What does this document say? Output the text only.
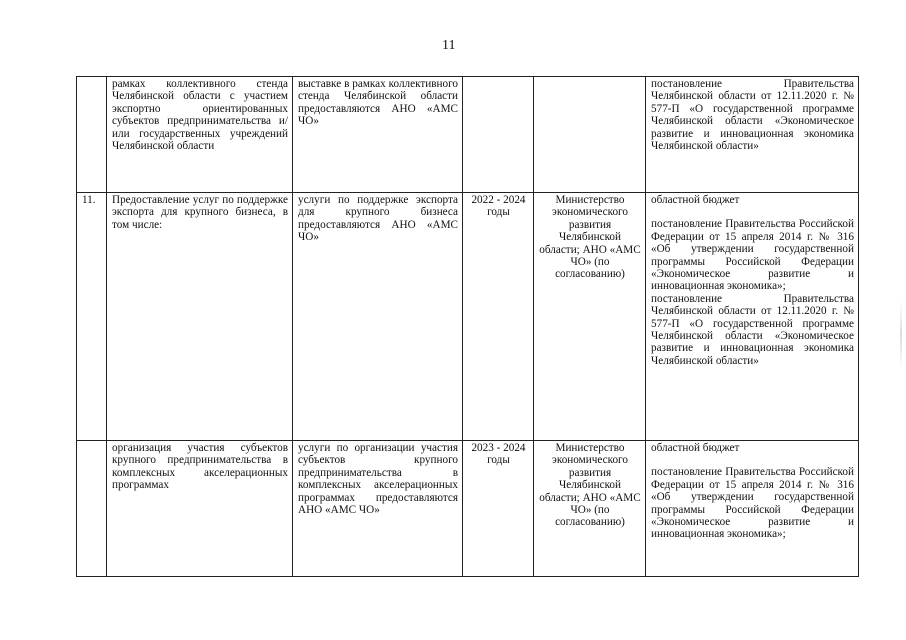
11
	рамках коллективного стенда Челябинской области с участием экспортно ориентированных субъектов предпринимательства и/или государственных учреждений Челябинской области	выставке в рамках коллективного стенда Челябинской области предоставляются АНО «АМС ЧО»			постановление Правительства Челябинской области от 12.11.2020 г. № 577-П «О государственной программе Челябинской области «Экономическое развитие и инновационная экономика Челябинской области»

11.	Предоставление услуг по поддержке экспорта для крупного бизнеса, в том числе:	услуги по поддержке экспорта для крупного бизнеса предоставляются АНО «АМС ЧО»	2022 - 2024 годы	Министерство экономического развития Челябинской области; АНО «АМС ЧО» (по согласованию)	областной бюджет
постановление Правительства Российской Федерации от 15 апреля 2014 г. № 316 «Об утверждении государственной программы Российской Федерации «Экономическое развитие и инновационная экономика»;
постановление Правительства Челябинской области от 12.11.2020 г. № 577-П «О государственной программе Челябинской области «Экономическое развитие и инновационная экономика Челябинской области»

	организация участия субъектов крупного предпринимательства в комплексных акселерационных программах	услуги по организации участия субъектов крупного предпринимательства в комплексных акселерационных программах предоставляются АНО «АМС ЧО»	2023 - 2024 годы	Министерство экономического развития Челябинской области; АНО «АМС ЧО» (по согласованию)	областной бюджет
постановление Правительства Российской Федерации от 15 апреля 2014 г. № 316 «Об утверждении государственной программы Российской Федерации «Экономическое развитие и инновационная экономика»;
